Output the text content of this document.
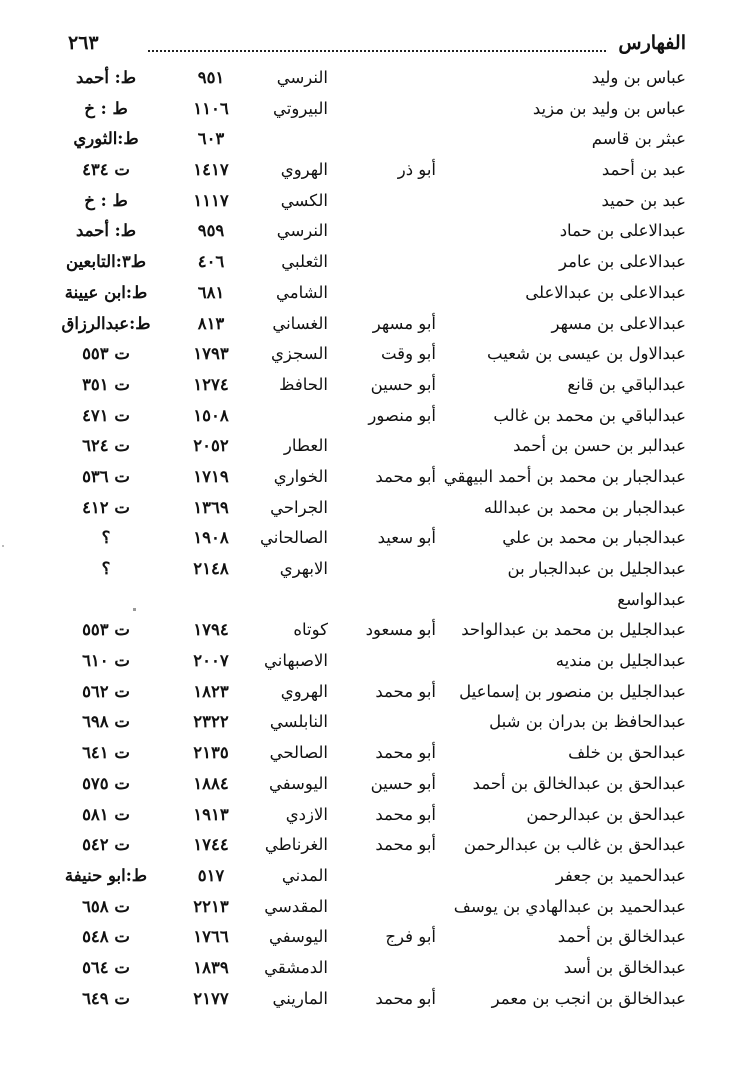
الفهارس
٢٦٣
عباس بن وليد
النرسي
٩٥١
ط: أحمد
عباس بن وليد بن مزيد
البيروتي
١١٠٦
ط : خ
عبثر بن قاسم
٦٠٣
ط:الثوري
عبد بن أحمد
أبو ذر
الهروي
١٤١٧
ت ٤٣٤
عبد بن حميد
الكسي
١١١٧
ط : خ
عبدالاعلى بن حماد
النرسي
٩٥٩
ط: أحمد
عبدالاعلى بن عامر
الثعلبي
٤٠٦
ط٣:التابعين
عبدالاعلى بن عبدالاعلى
الشامي
٦٨١
ط:ابن عيينة
عبدالاعلى بن مسهر
أبو مسهر
الغساني
٨١٣
ط:عبدالرزاق
عبدالاول بن عيسى بن شعيب
أبو وقت
السجزي
١٧٩٣
ت ٥٥٣
عبدالباقي بن قانع
أبو حسين
الحافظ
١٢٧٤
ت ٣٥١
عبدالباقي بن محمد بن غالب
أبو منصور
١٥٠٨
ت ٤٧١
عبدالبر بن حسن بن أحمد
العطار
٢٠٥٢
ت ٦٢٤
عبدالجبار بن محمد بن أحمد البيهقي
أبو محمد
الخواري
١٧١٩
ت ٥٣٦
عبدالجبار بن محمد بن عبدالله
الجراحي
١٣٦٩
ت ٤١٢
عبدالجبار بن محمد بن علي
أبو سعيد
الصالحاني
١٩٠٨
؟
عبدالجليل بن عبدالجبار بن
الابهري
٢١٤٨
؟
عبدالواسع
عبدالجليل بن محمد بن عبدالواحد
أبو مسعود
كوتاه
١٧٩٤
ت ٥٥٣
عبدالجليل بن منديه
الاصبهاني
٢٠٠٧
ت ٦١٠
عبدالجليل بن منصور بن إسماعيل
أبو محمد
الهروي
١٨٢٣
ت ٥٦٢
عبدالحافظ بن بدران بن شبل
النابلسي
٢٣٢٢
ت ٦٩٨
عبدالحق بن خلف
أبو محمد
الصالحي
٢١٣٥
ت ٦٤١
عبدالحق بن عبدالخالق بن أحمد
أبو حسين
اليوسفي
١٨٨٤
ت ٥٧٥
عبدالحق بن عبدالرحمن
أبو محمد
الازدي
١٩١٣
ت ٥٨١
عبدالحق بن غالب بن عبدالرحمن
أبو محمد
الغرناطي
١٧٤٤
ت ٥٤٢
عبدالحميد بن جعفر
المدني
٥١٧
ط:ابو حنيفة
عبدالحميد بن عبدالهادي بن يوسف
المقدسي
٢٢١٣
ت ٦٥٨
عبدالخالق بن أحمد
أبو فرج
اليوسفي
١٧٦٦
ت ٥٤٨
عبدالخالق بن أسد
الدمشقي
١٨٣٩
ت ٥٦٤
عبدالخالق بن انجب بن معمر
أبو محمد
الماريني
٢١٧٧
ت ٦٤٩
